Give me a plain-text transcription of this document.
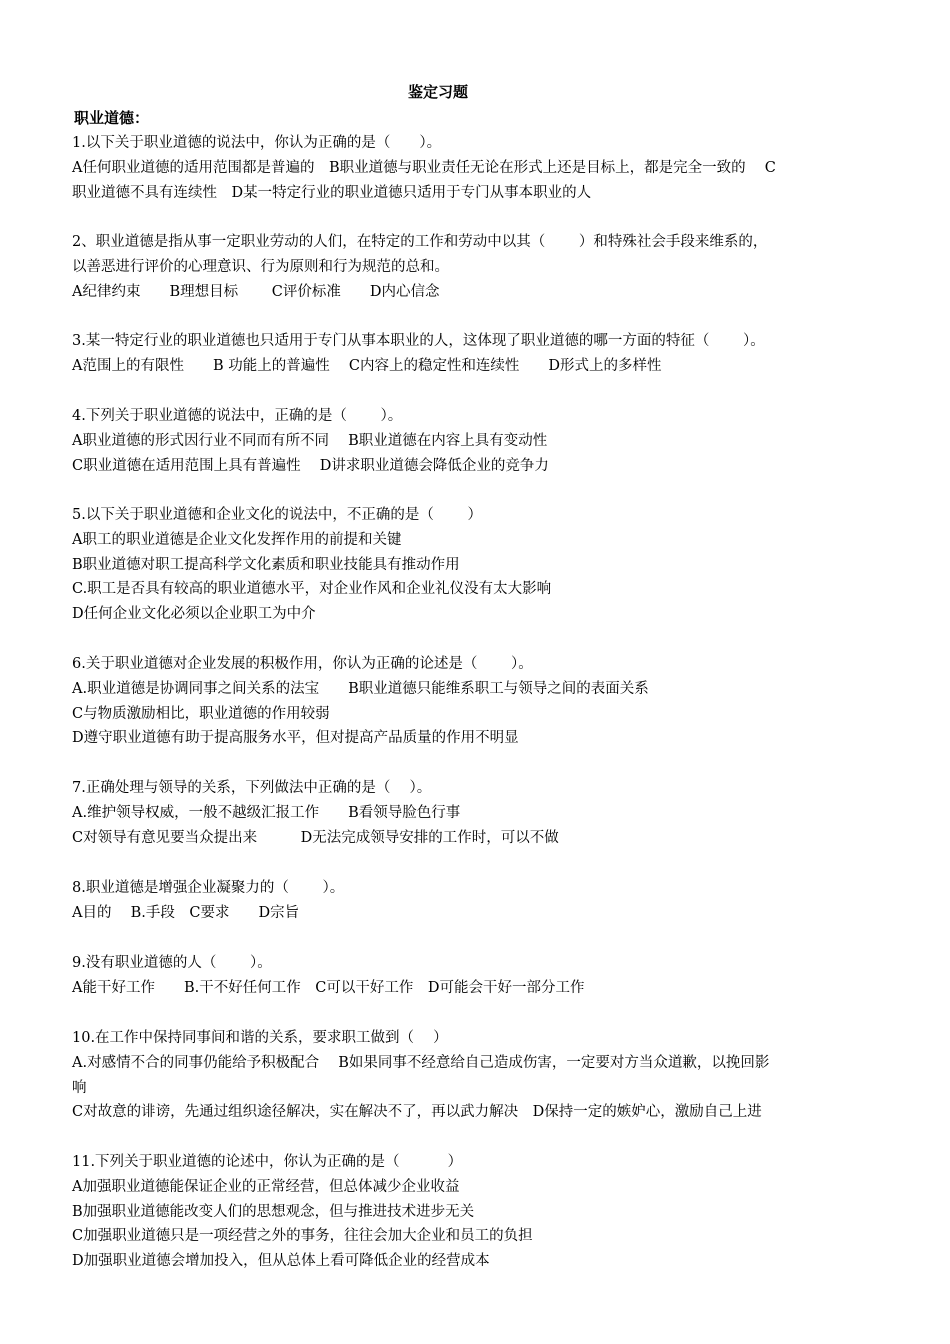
鉴定习题
职业道德：
1.以下关于职业道德的说法中，你认为正确的是（　　）。
A任何职业道德的适用范围都是普遍的　B职业道德与职业责任无论在形式上还是目标上，都是完全一致的　 C
职业道德不具有连续性　D某一特定行业的职业道德只适用于专门从事本职业的人
2、职业道德是指从事一定职业劳动的人们，在特定的工作和劳动中以其（　　 ）和特殊社会手段来维系的，
以善恶进行评价的心理意识、行为原则和行为规范的总和。
A纪律约束　　B理想目标　　 C评价标准　　D内心信念
3.某一特定行业的职业道德也只适用于专门从事本职业的人，这体现了职业道德的哪一方面的特征（　　 ）。
A范围上的有限性　　B 功能上的普遍性　 C内容上的稳定性和连续性　　D形式上的多样性
4.下列关于职业道德的说法中，正确的是（　　 ）。
A职业道德的形式因行业不同而有所不同　 B职业道德在内容上具有变动性
C职业道德在适用范围上具有普遍性　 D讲求职业道德会降低企业的竞争力
5.以下关于职业道德和企业文化的说法中，不正确的是（　　 ）
A职工的职业道德是企业文化发挥作用的前提和关键
B职业道德对职工提高科学文化素质和职业技能具有推动作用
C.职工是否具有较高的职业道德水平，对企业作风和企业礼仪没有太大影响
D任何企业文化必须以企业职工为中介
6.关于职业道德对企业发展的积极作用，你认为正确的论述是（　　 ）。
A.职业道德是协调同事之间关系的法宝　　B职业道德只能维系职工与领导之间的表面关系
C与物质激励相比，职业道德的作用较弱
D遵守职业道德有助于提高服务水平，但对提高产品质量的作用不明显
7.正确处理与领导的关系，下列做法中正确的是（　 ）。
A.维护领导权威，一般不越级汇报工作　　B看领导脸色行事
C对领导有意见要当众提出来　　　D无法完成领导安排的工作时，可以不做
8.职业道德是增强企业凝聚力的（　　 ）。
A目的　 B.手段　C要求　　D宗旨
9.没有职业道德的人（　　 ）。
A能干好工作　　B.干不好任何工作　C可以干好工作　D可能会干好一部分工作
10.在工作中保持同事间和谐的关系，要求职工做到（　 ）
A.对感情不合的同事仍能给予积极配合　 B如果同事不经意给自己造成伤害，一定要对方当众道歉，以挽回影
响
C对故意的诽谤，先通过组织途径解决，实在解决不了，再以武力解决　D保持一定的嫉妒心，激励自己上进
11.下列关于职业道德的论述中，你认为正确的是（　　　 ）
A加强职业道德能保证企业的正常经营，但总体减少企业收益
B加强职业道德能改变人们的思想观念，但与推进技术进步无关
C加强职业道德只是一项经营之外的事务，往往会加大企业和员工的负担
D加强职业道德会增加投入，但从总体上看可降低企业的经营成本
